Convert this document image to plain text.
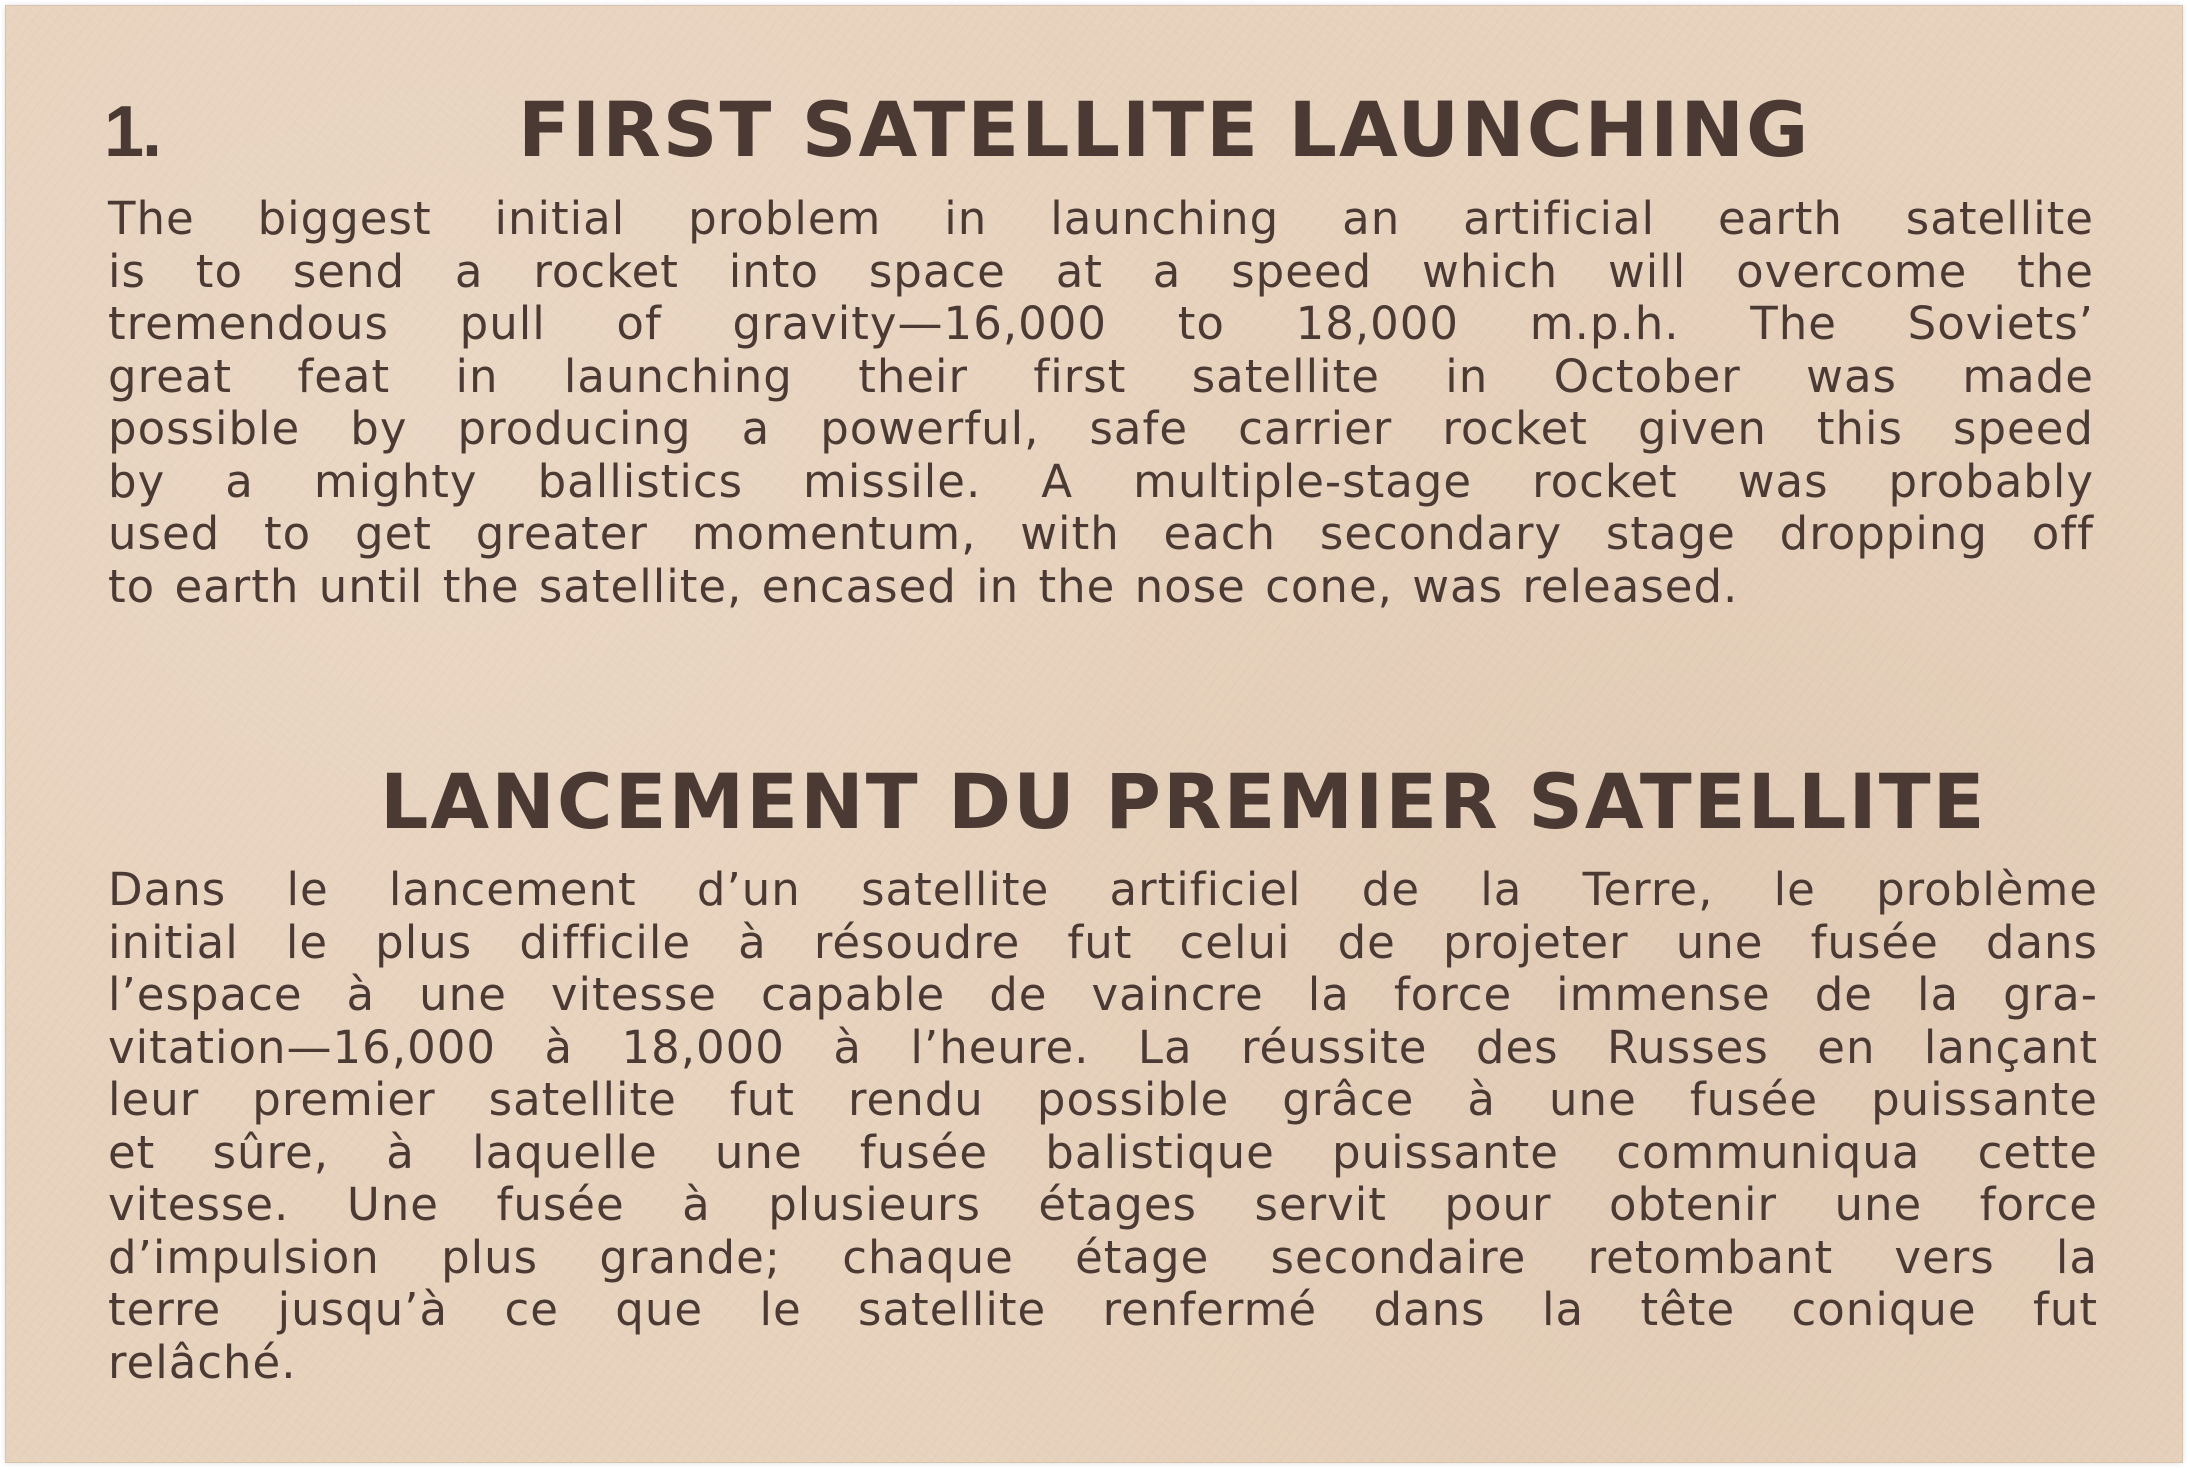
1.	FIRST SATELLITE LAUNCHING
The biggest initial problem in launching an artificial earth satellite
is to send a rocket into space at a speed which will overcome the
tremendous pull of gravity—16,000 to 18,000 m.p.h. The Soviets’
great feat in launching their first satellite in October was made
possible by producing a powerful, safe carrier rocket given this speed
by a mighty ballistics missile. A multiple-stage rocket was probably
used to get greater momentum, with each secondary stage dropping off
to earth until the satellite, encased in the nose cone, was released.
LANCEMENT DU PREMIER SATELLITE
Dans le lancement d’un satellite artificiel de la Terre, le problème
initial le plus difficile à résoudre fut celui de projeter une fusée dans
l’espace à une vitesse capable de vaincre la force immense de la gra-
vitation—16,000 à 18,000 à l’heure. La réussite des Russes en lançant
leur premier satellite fut rendu possible grâce à une fusée puissante
et sûre, à laquelle une fusée balistique puissante communiqua cette
vitesse. Une fusée à plusieurs étages servit pour obtenir une force
d’impulsion plus grande; chaque étage secondaire retombant vers la
terre jusqu’à ce que le satellite renfermé dans la tête conique fut
relâché.
